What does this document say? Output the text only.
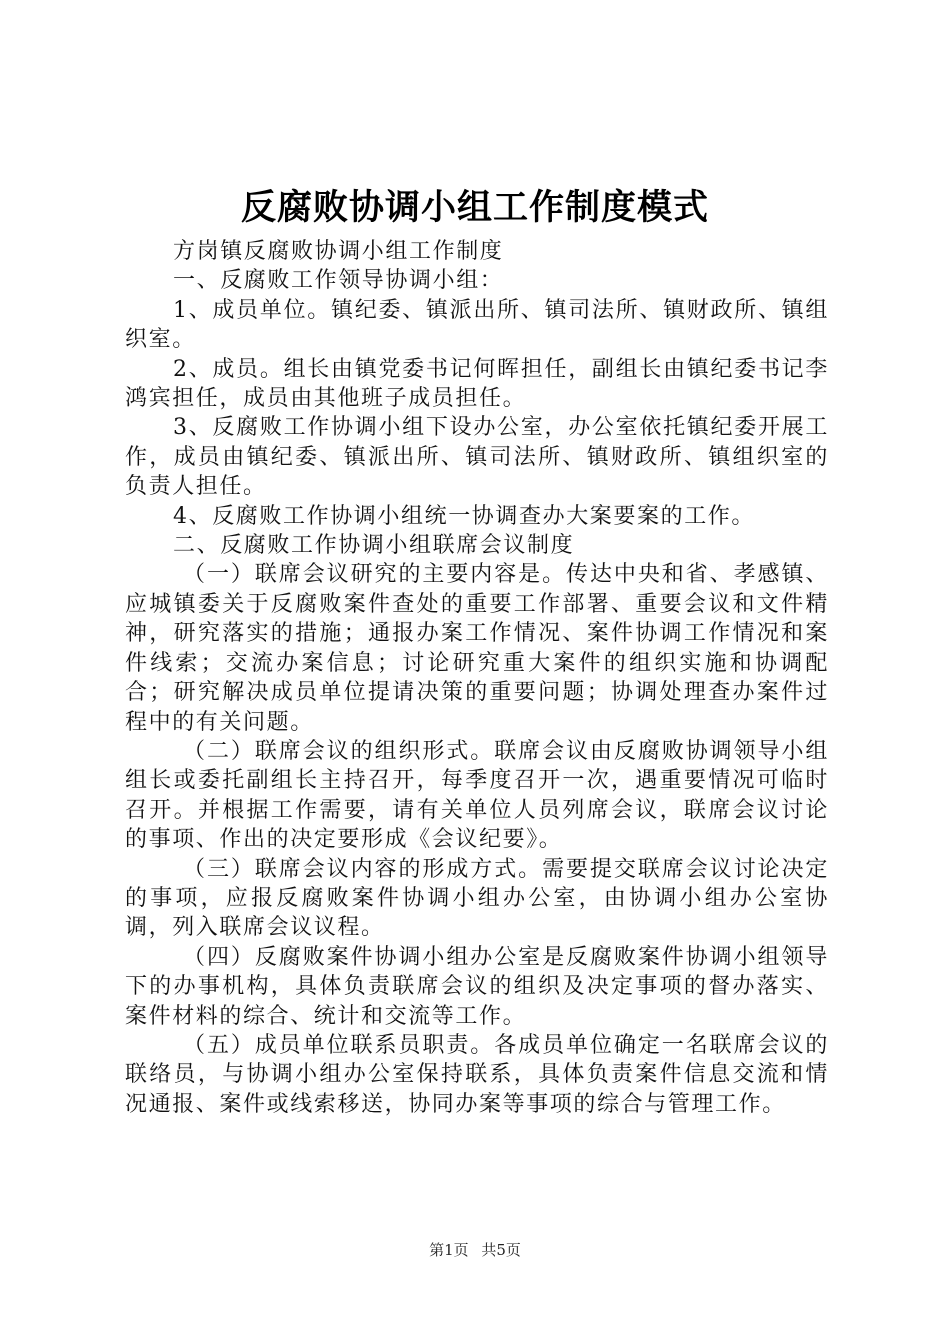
反腐败协调小组工作制度模式

方岗镇反腐败协调小组工作制度

一、反腐败工作领导协调小组：

1、成员单位。镇纪委、镇派出所、镇司法所、镇财政所、镇组织室。

2、成员。组长由镇党委书记何晖担任，副组长由镇纪委书记李鸿宾担任，成员由其他班子成员担任。

3、反腐败工作协调小组下设办公室，办公室依托镇纪委开展工作，成员由镇纪委、镇派出所、镇司法所、镇财政所、镇组织室的负责人担任。

4、反腐败工作协调小组统一协调查办大案要案的工作。

二、反腐败工作协调小组联席会议制度

（一）联席会议研究的主要内容是。传达中央和省、孝感镇、应城镇委关于反腐败案件查处的重要工作部署、重要会议和文件精神，研究落实的措施；通报办案工作情况、案件协调工作情况和案件线索；交流办案信息；讨论研究重大案件的组织实施和协调配合；研究解决成员单位提请决策的重要问题；协调处理查办案件过程中的有关问题。

（二）联席会议的组织形式。联席会议由反腐败协调领导小组组长或委托副组长主持召开，每季度召开一次，遇重要情况可临时召开。并根据工作需要，请有关单位人员列席会议，联席会议讨论的事项、作出的决定要形成《会议纪要》。

（三）联席会议内容的形成方式。需要提交联席会议讨论决定的事项，应报反腐败案件协调小组办公室，由协调小组办公室协调，列入联席会议议程。

（四）反腐败案件协调小组办公室是反腐败案件协调小组领导下的办事机构，具体负责联席会议的组织及决定事项的督办落实、案件材料的综合、统计和交流等工作。

（五）成员单位联系员职责。各成员单位确定一名联席会议的联络员，与协调小组办公室保持联系，具体负责案件信息交流和情况通报、案件或线索移送，协同办案等事项的综合与管理工作。

第1页 共5页
